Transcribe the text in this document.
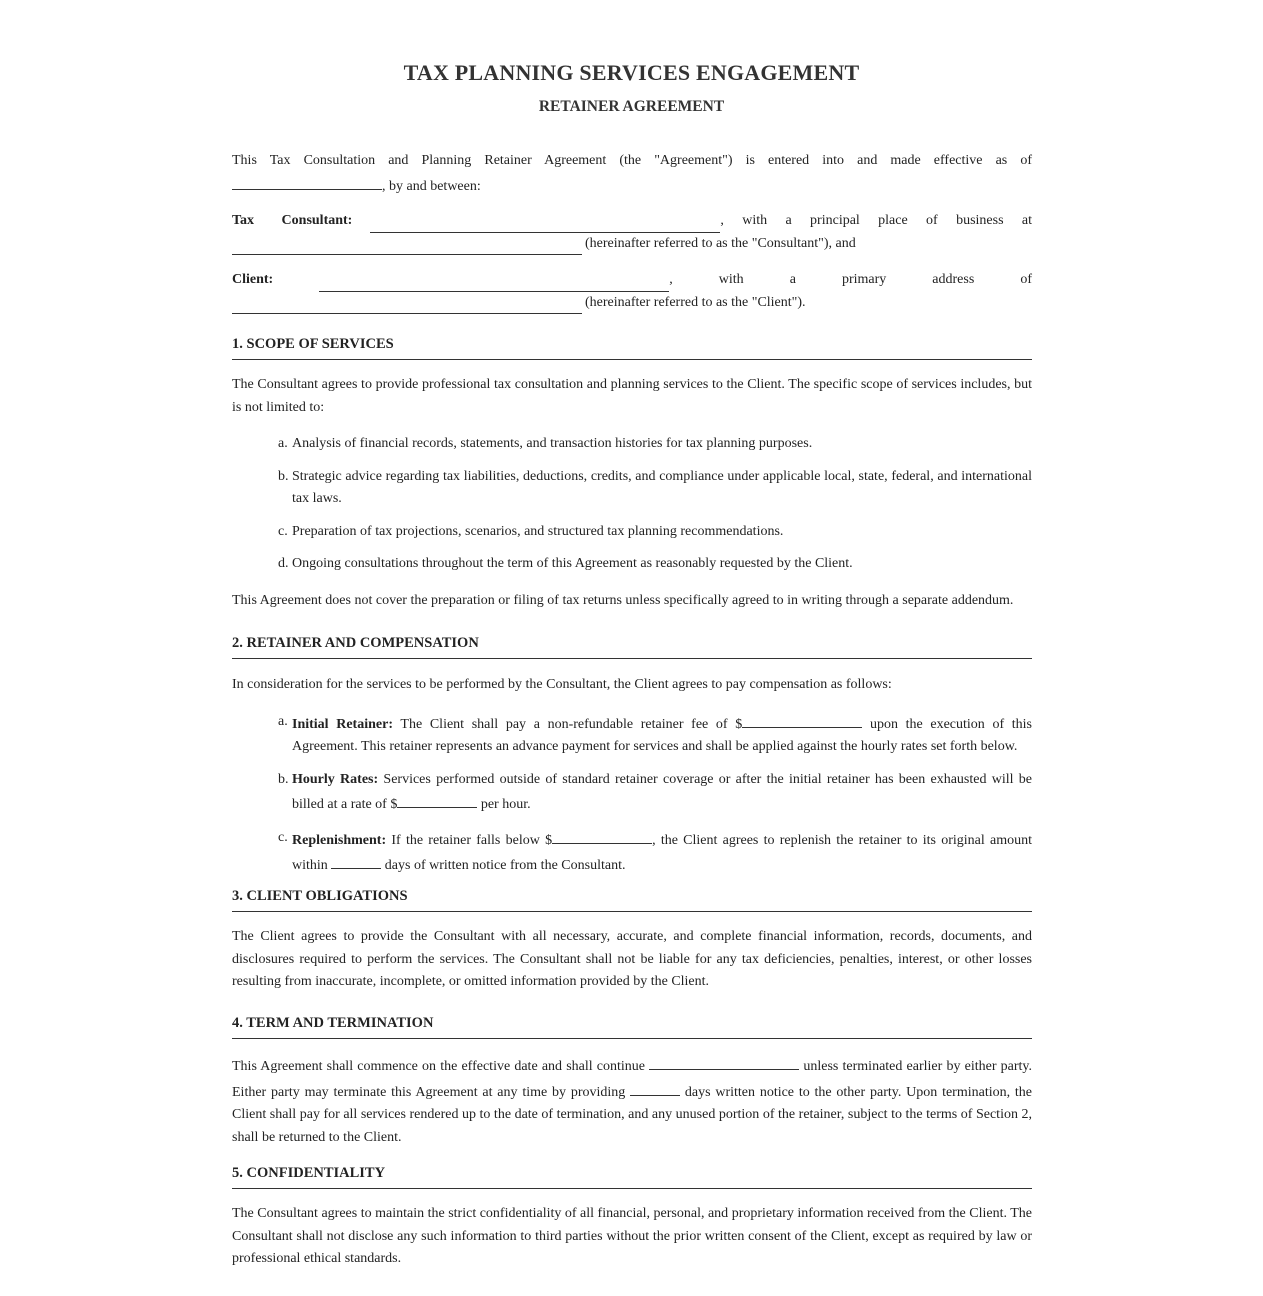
TAX PLANNING SERVICES ENGAGEMENT
RETAINER AGREEMENT

This Tax Consultation and Planning Retainer Agreement (the "Agreement") is entered into and made effective as of

, by and between:

Tax Consultant:	, with a principal place of business at
(hereinafter referred to as the "Consultant"), and
Client:	, with a primary address of
(hereinafter referred to as the "Client").
1. SCOPE OF SERVICES

The Consultant agrees to provide professional tax consultation and planning services to the Client. The specific scope of services includes, but is not limited to:

a. Analysis of financial records, statements, and transaction histories for tax planning purposes.
b. Strategic advice regarding tax liabilities, deductions, credits, and compliance under applicable local, state, federal, and international tax laws.
c. Preparation of tax projections, scenarios, and structured tax planning recommendations.
d. Ongoing consultations throughout the term of this Agreement as reasonably requested by the Client.

This Agreement does not cover the preparation or filing of tax returns unless specifically agreed to in writing through a separate addendum.

2. RETAINER AND COMPENSATION

In consideration for the services to be performed by the Consultant, the Client agrees to pay compensation as follows:

a. Initial Retainer: The Client shall pay a non-refundable retainer fee of $	upon the execution of this Agreement. This retainer represents an advance payment for services and shall be applied against the hourly rates set forth below.
b. Hourly Rates: Services performed outside of standard retainer coverage or after the initial retainer has been exhausted will be billed at a rate of $	per hour.
c. Replenishment: If the retainer falls below $	, the Client agrees to replenish the retainer to its original amount within	days of written notice from the Consultant.
3. CLIENT OBLIGATIONS

The Client agrees to provide the Consultant with all necessary, accurate, and complete financial information, records, documents, and disclosures required to perform the services. The Consultant shall not be liable for any tax deficiencies, penalties, interest, or other losses resulting from inaccurate, incomplete, or omitted information provided by the Client.

4. TERM AND TERMINATION

This Agreement shall commence on the effective date and shall continue	unless terminated earlier by either party. Either party may terminate this Agreement at any time by providing	days written notice to the other party. Upon termination, the Client shall pay for all services rendered up to the date of termination, and any unused portion of the retainer, subject to the terms of Section 2, shall be returned to the Client.

5. CONFIDENTIALITY

The Consultant agrees to maintain the strict confidentiality of all financial, personal, and proprietary information received from the Client. The Consultant shall not disclose any such information to third parties without the prior written consent of the Client, except as required by law or professional ethical standards.
